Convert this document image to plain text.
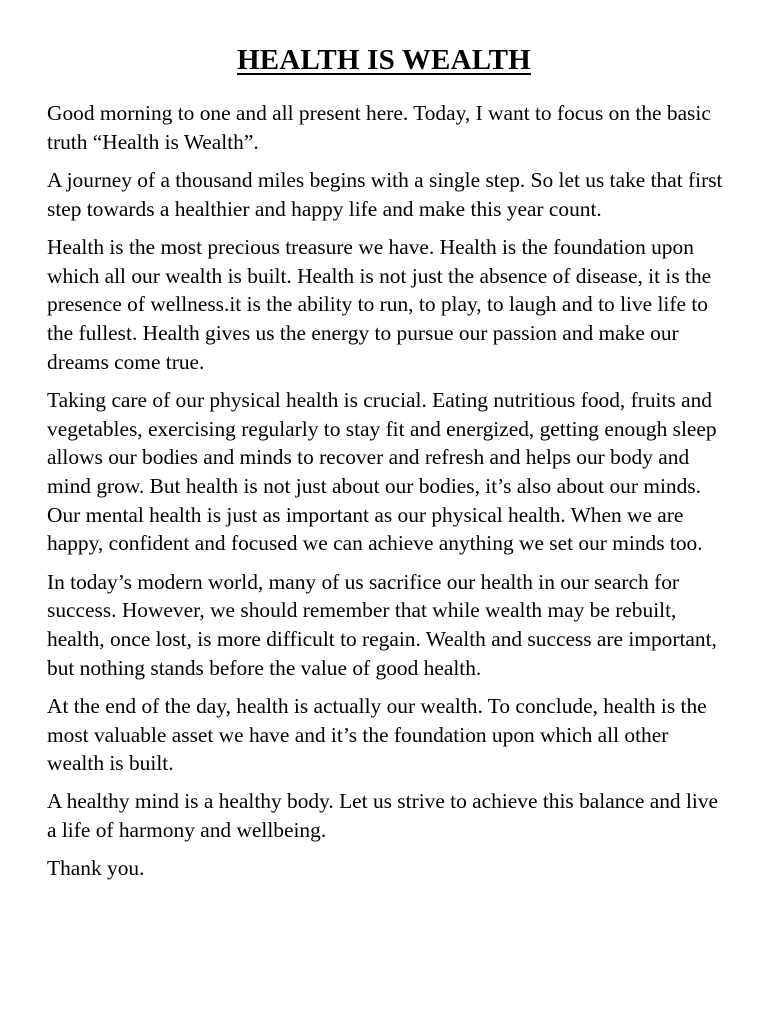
HEALTH IS WEALTH

Good morning to one and all present here. Today, I want to focus on the basic truth “Health is Wealth”.

A journey of a thousand miles begins with a single step. So let us take that first step towards a healthier and happy life and make this year count.

Health is the most precious treasure we have. Health is the foundation upon which all our wealth is built. Health is not just the absence of disease, it is the presence of wellness.it is the ability to run, to play, to laugh and to live life to the fullest. Health gives us the energy to pursue our passion and make our dreams come true.

Taking care of our physical health is crucial. Eating nutritious food, fruits and vegetables, exercising regularly to stay fit and energized, getting enough sleep allows our bodies and minds to recover and refresh and helps our body and mind grow. But health is not just about our bodies, it’s also about our minds. Our mental health is just as important as our physical health. When we are happy, confident and focused we can achieve anything we set our minds too.

In today’s modern world, many of us sacrifice our health in our search for success. However, we should remember that while wealth may be rebuilt, health, once lost, is more difficult to regain. Wealth and success are important, but nothing stands before the value of good health.

At the end of the day, health is actually our wealth. To conclude, health is the most valuable asset we have and it’s the foundation upon which all other wealth is built.

A healthy mind is a healthy body. Let us strive to achieve this balance and live a life of harmony and wellbeing.

Thank you.
